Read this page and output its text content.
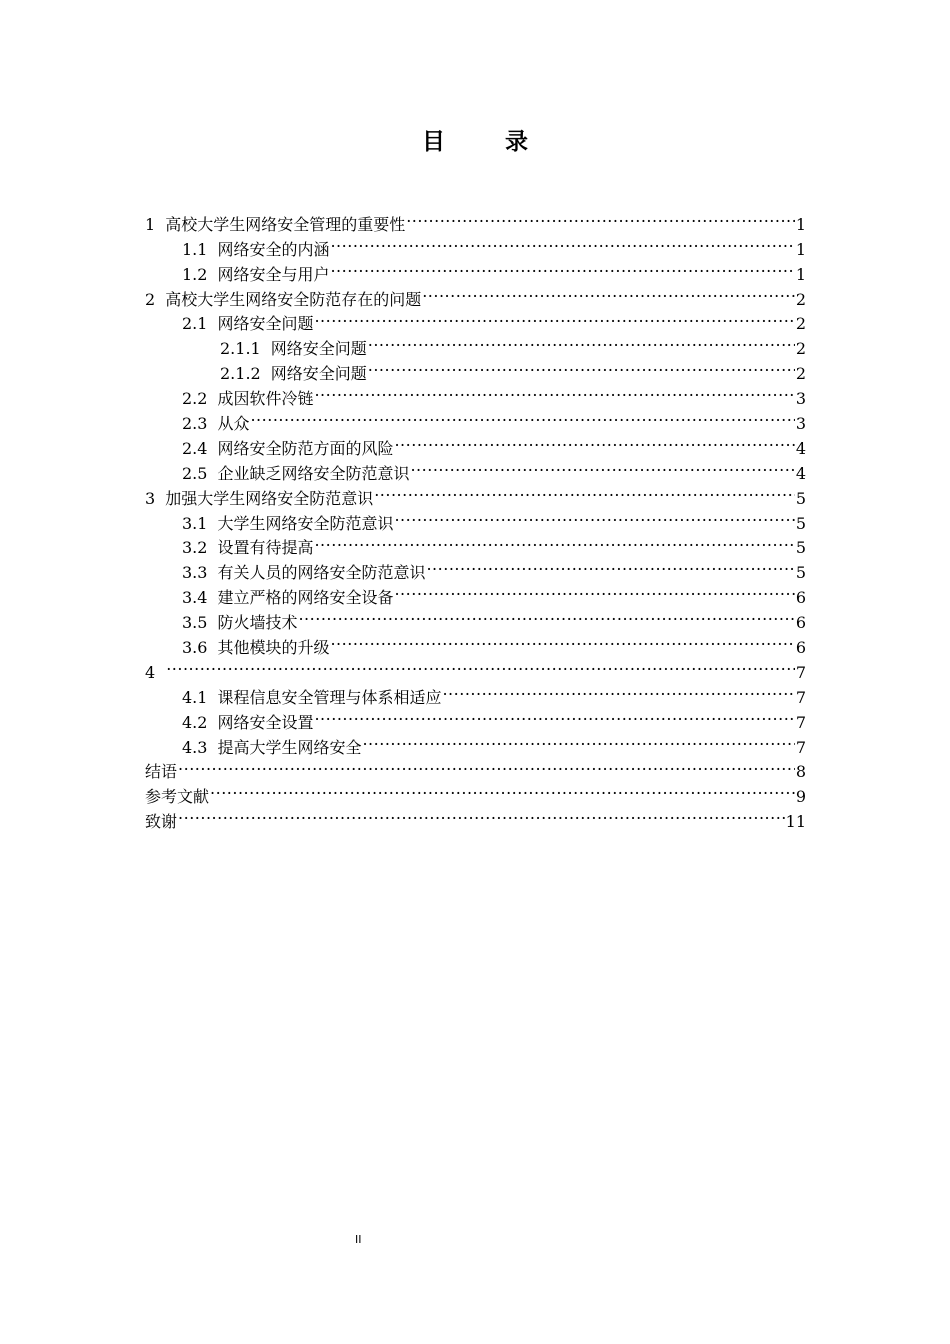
目 录
1 高校大学生网络安全管理的重要性 .....	1
1.1 网络安全的内涵 .....	1
1.2 网络安全与用户 .....	1
2 高校大学生网络安全防范存在的问题 .....	2
2.1 网络安全问题 .....	2
2.1.1 网络安全问题 .....	2
2.1.2 网络安全问题 .....	2
2.2 成因软件冷链 .....	3
2.3 从众 .....	3
2.4 网络安全防范方面的风险 .....	4
2.5 企业缺乏网络安全防范意识 .....	4
3 加强大学生网络安全防范意识 .....	5
3.1 大学生网络安全防范意识 .....	5
3.2 设置有待提高 .....	5
3.3 有关人员的网络安全防范意识 .....	5
3.4 建立严格的网络安全设备 .....	6
3.5 防火墙技术 .....	6
3.6 其他模块的升级 .....	6
4 .....	7
4.1 课程信息安全管理与体系相适应 .....	7
4.2 网络安全设置 .....	7
4.3 提高大学生网络安全 .....	7
结语 .....	8
参考文献 .....	9
致谢 .....	11
II
